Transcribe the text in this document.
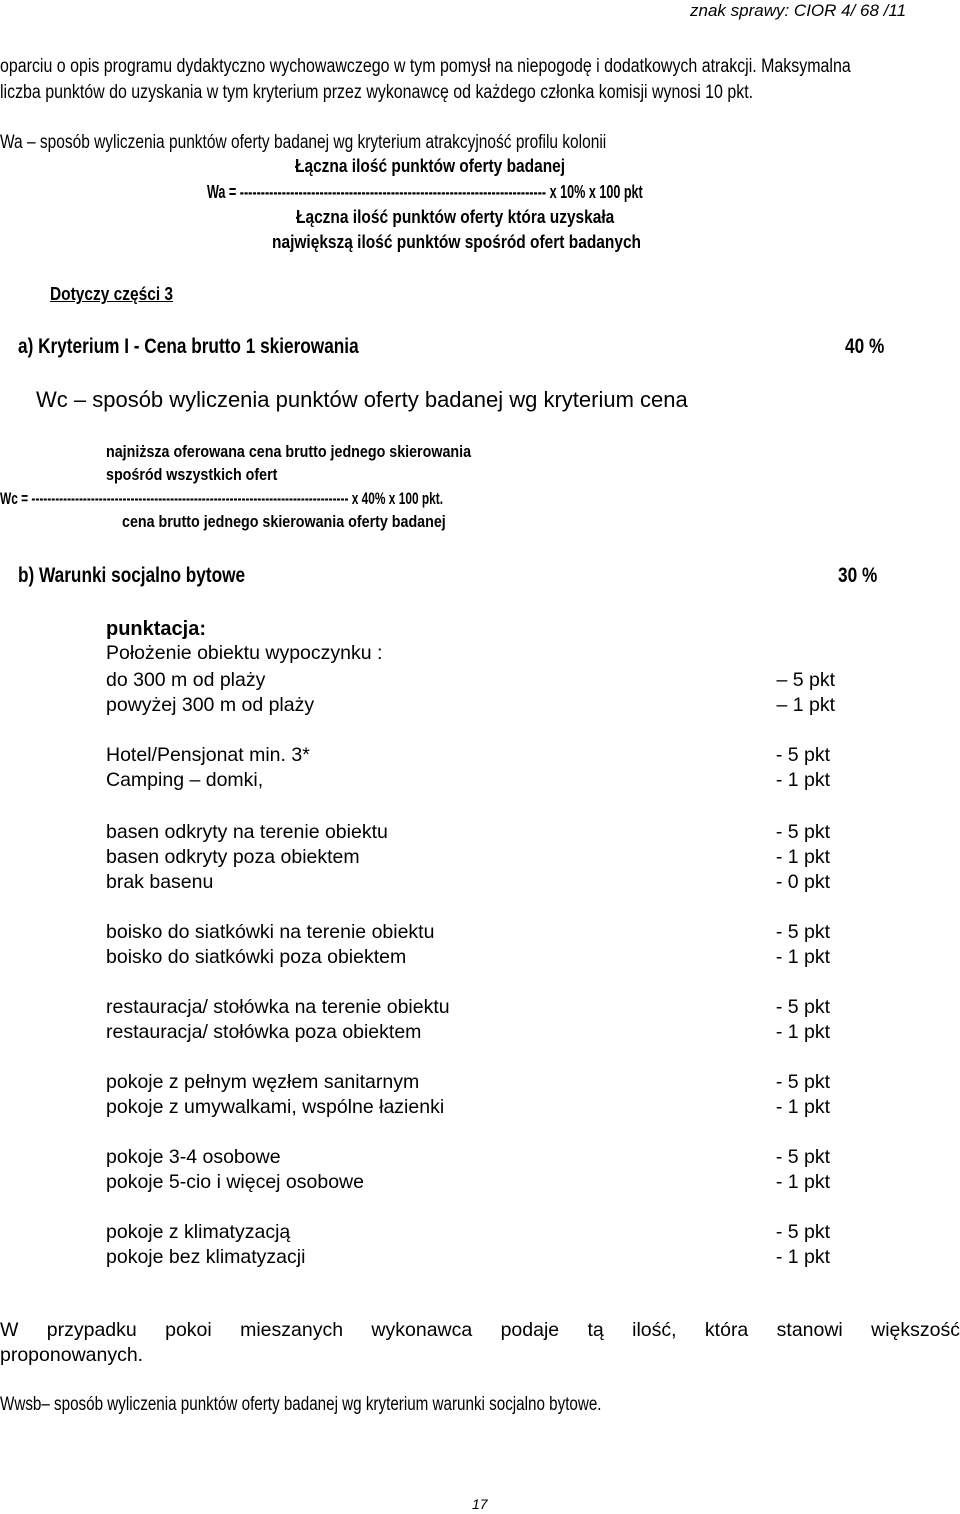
znak sprawy: CIOR 4/ 68 /11
oparciu o opis programu dydaktyczno wychowawczego w tym pomysł na niepogodę i dodatkowych atrakcji. Maksymalna
liczba punktów do uzyskania w tym kryterium przez wykonawcę od każdego członka komisji wynosi 10 pkt.
Wa – sposób wyliczenia punktów oferty badanej wg kryterium atrakcyjność profilu kolonii
Łączna ilość punktów oferty badanej
Wa = ------------------------------------------------------------------------- x 10% x 100 pkt
Łączna ilość punktów oferty która uzyskała
największą ilość punktów spośród ofert badanych
Dotyczy części 3
a) Kryterium I - Cena brutto 1 skierowania	40 %
Wc – sposób wyliczenia punktów oferty badanej wg kryterium cena
najniższa oferowana cena brutto jednego skierowania
spośród wszystkich ofert
Wc = -------------------------------------------------------------------------------- x 40% x 100 pkt.
cena brutto jednego skierowania oferty badanej
b) Warunki socjalno bytowe	30 %
punktacja:
Położenie obiektu wypoczynku :
do 300 m od plaży	– 5 pkt
powyżej 300 m od plaży	– 1 pkt
Hotel/Pensjonat min. 3*	- 5 pkt
Camping – domki,	- 1 pkt
basen odkryty na terenie obiektu	- 5 pkt
basen odkryty poza obiektem	- 1 pkt
brak basenu	- 0 pkt
boisko do siatkówki na terenie obiektu	- 5 pkt
boisko do siatkówki poza obiektem	- 1 pkt
restauracja/ stołówka na terenie obiektu	- 5 pkt
restauracja/ stołówka poza obiektem	- 1 pkt
pokoje z pełnym węzłem sanitarnym	- 5 pkt
pokoje z umywalkami, wspólne łazienki	- 1 pkt
pokoje 3-4 osobowe	- 5 pkt
pokoje 5-cio i więcej osobowe	- 1 pkt
pokoje z klimatyzacją	- 5 pkt
pokoje bez klimatyzacji	- 1 pkt
W przypadku pokoi mieszanych wykonawca podaje tą ilość, która stanowi większość
proponowanych.
Wwsb– sposób wyliczenia punktów oferty badanej wg kryterium warunki socjalno bytowe.
17
